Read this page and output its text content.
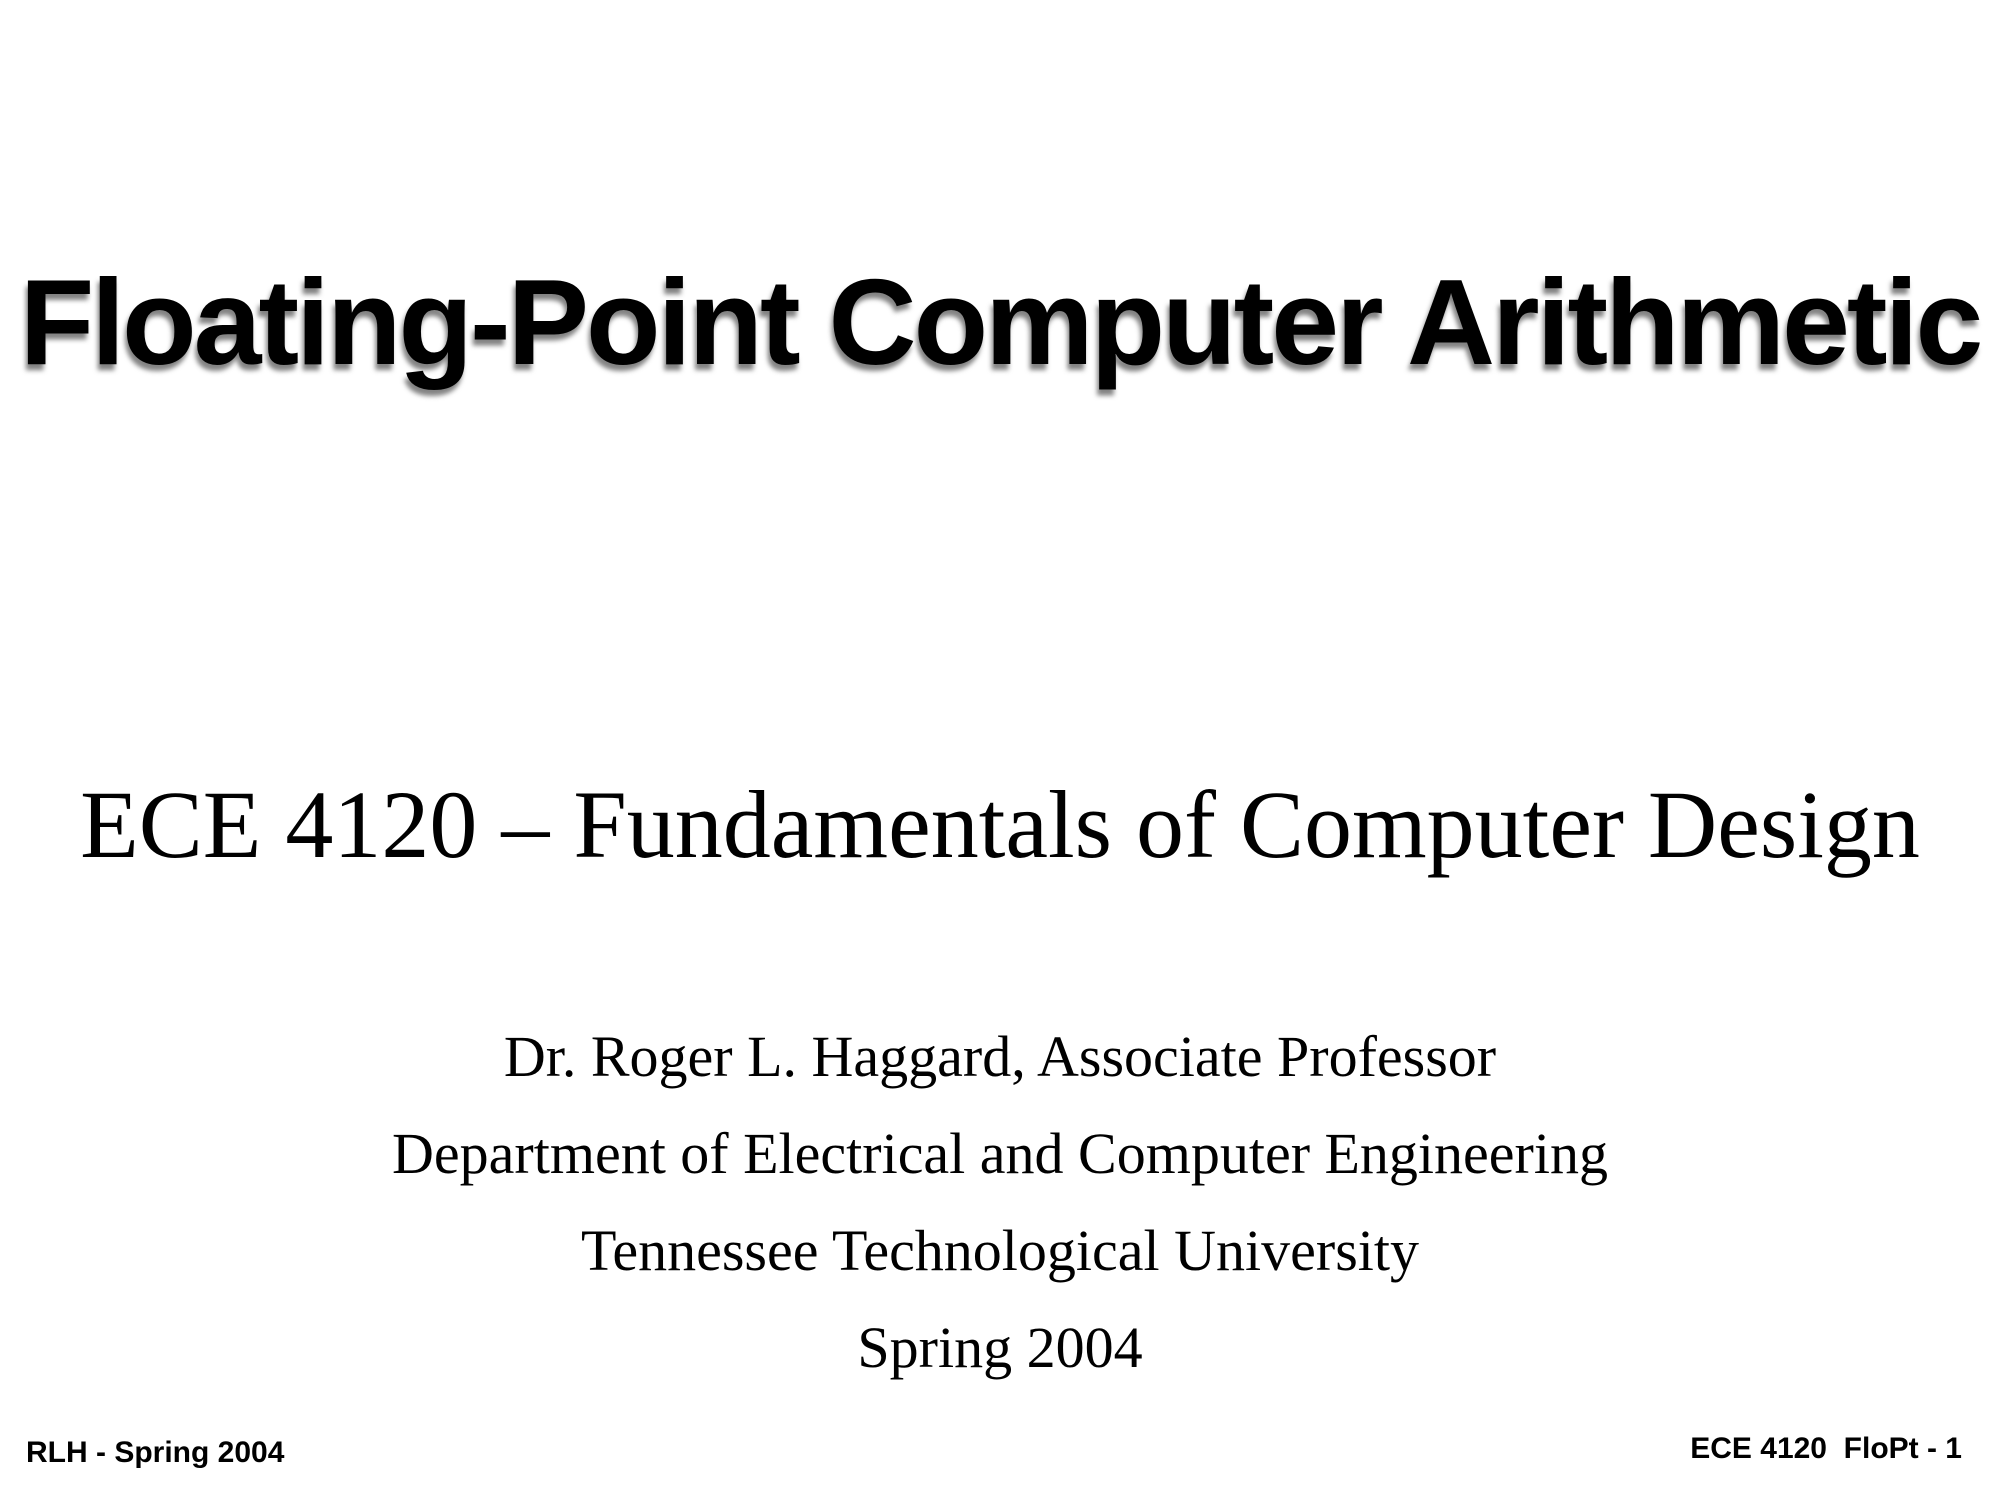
Floating-Point Computer Arithmetic
ECE 4120 – Fundamentals of Computer Design
Dr. Roger L. Haggard, Associate Professor
Department of Electrical and Computer Engineering
Tennessee Technological University
Spring 2004
RLH - Spring 2004	ECE 4120  FloPt - 1
